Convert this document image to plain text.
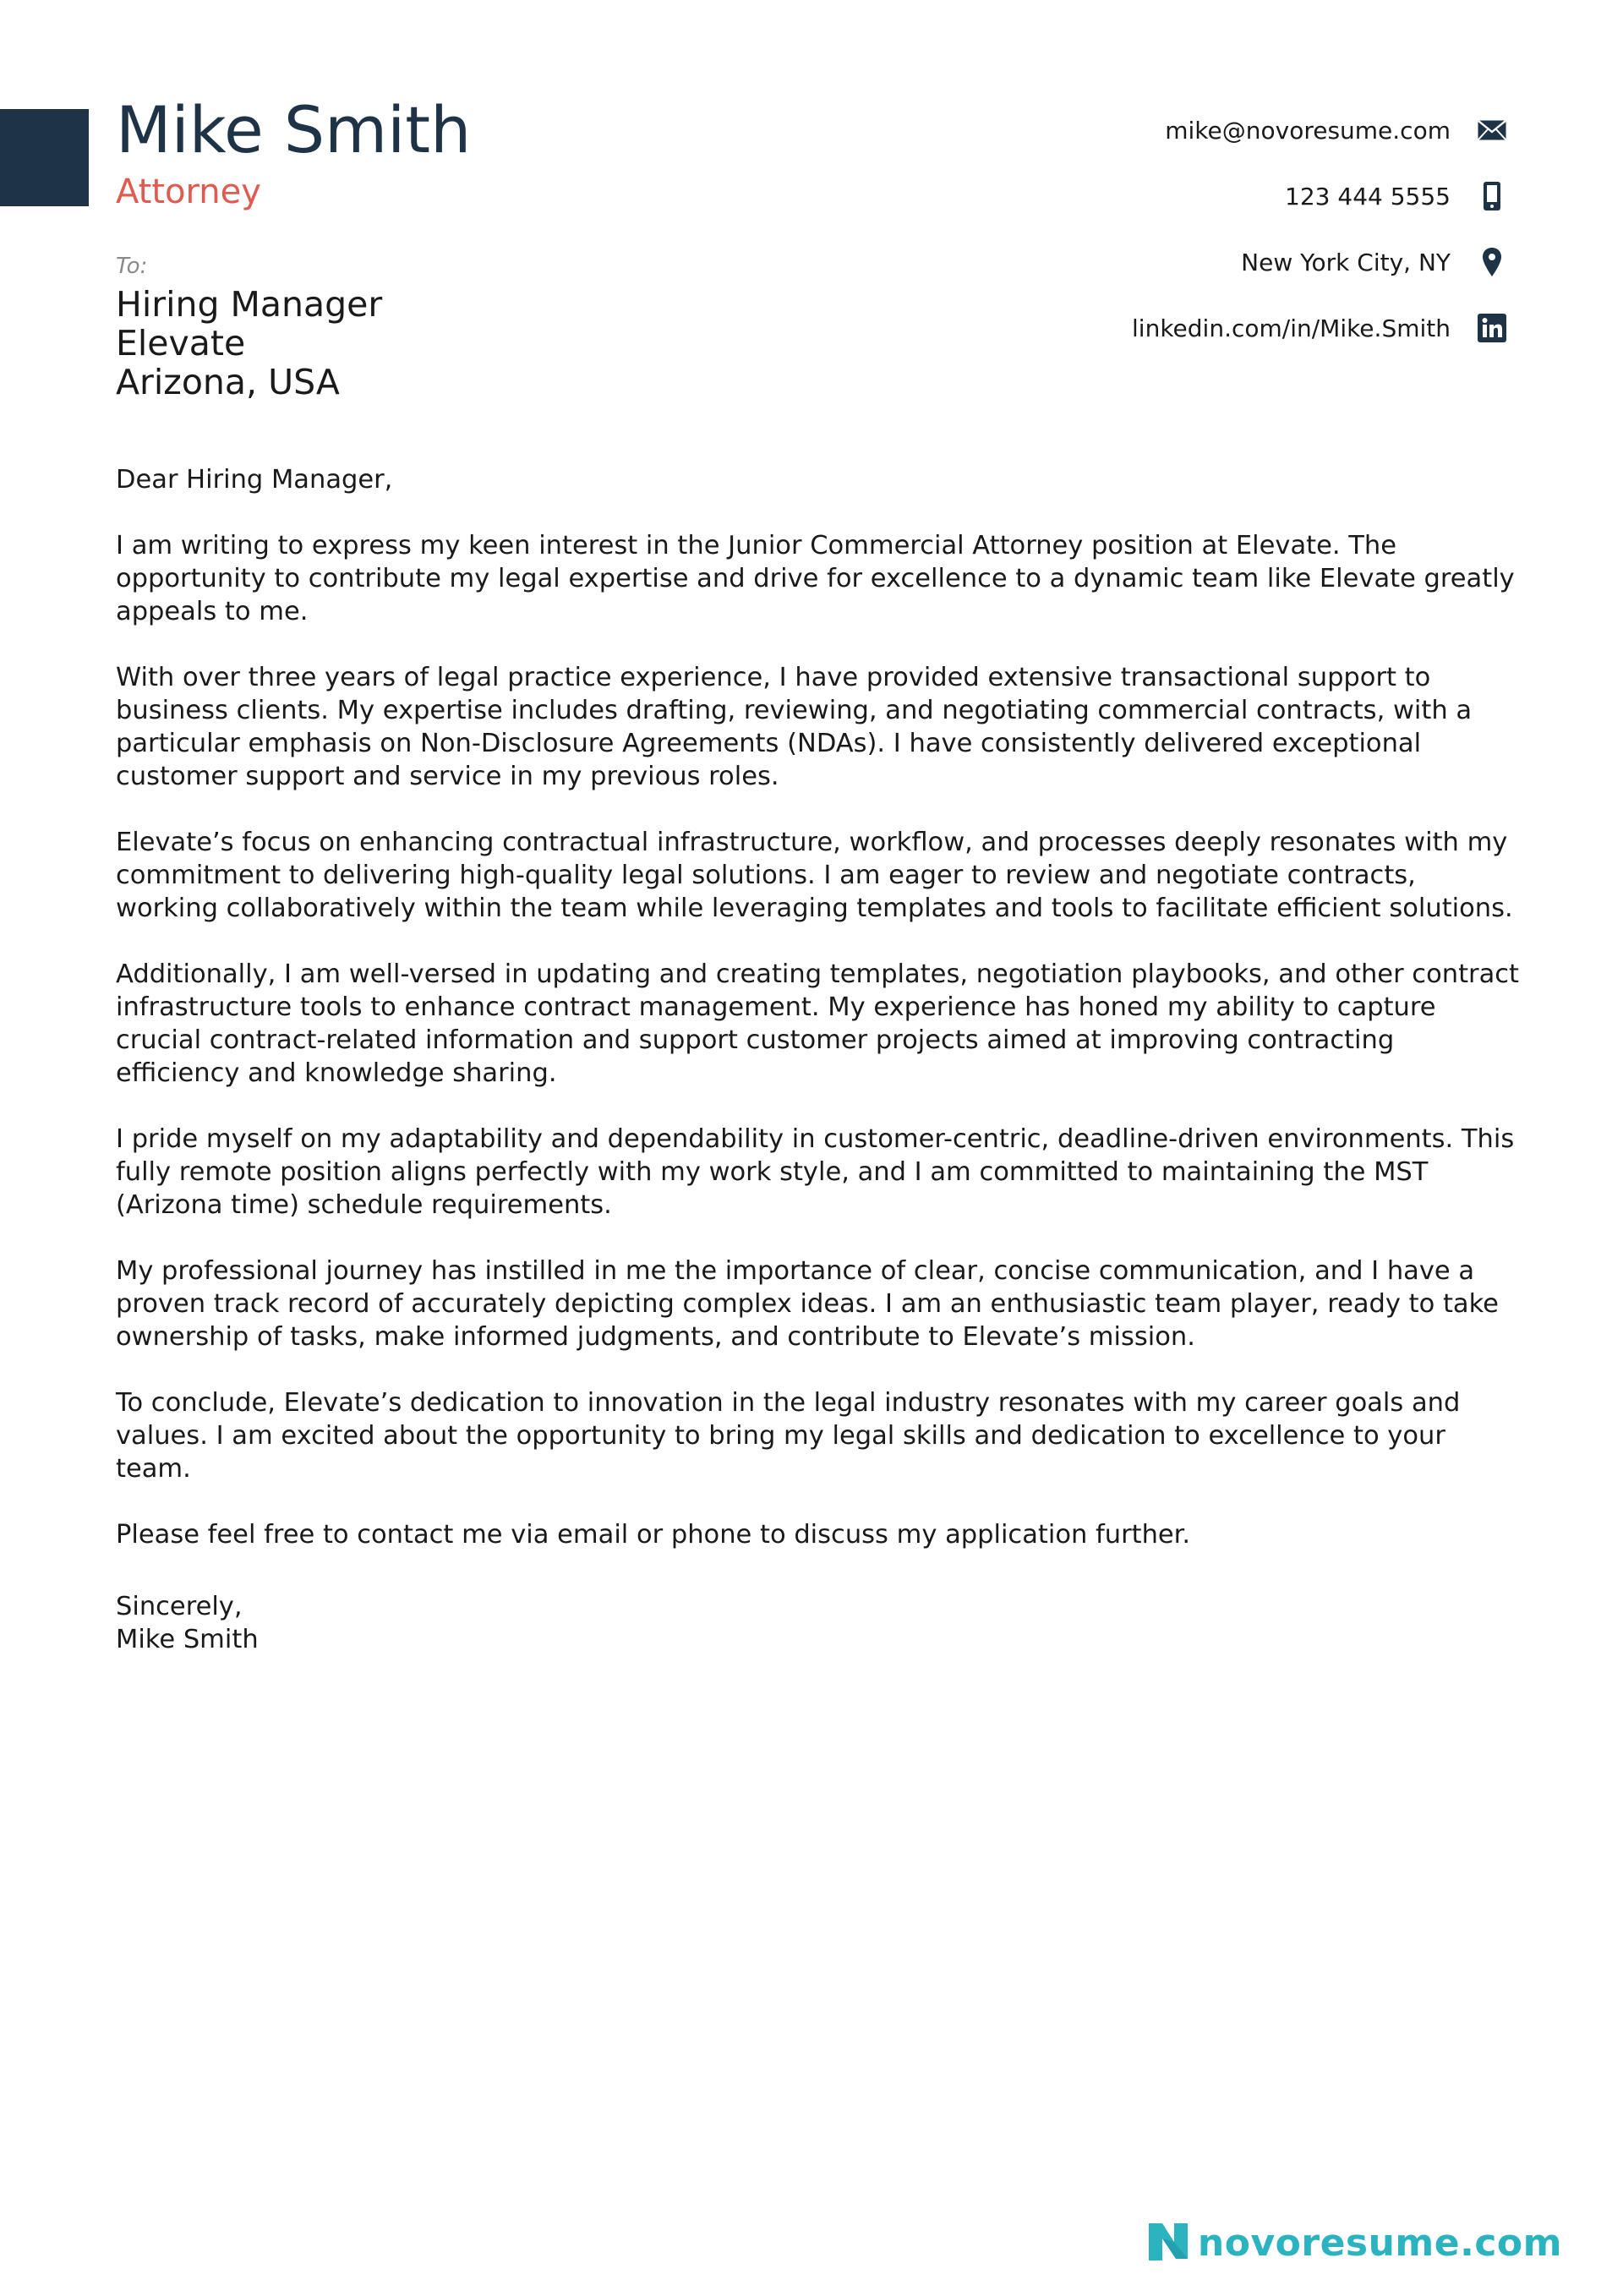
Mike Smith
Attorney
mike@novoresume.com
123 444 5555
New York City, NY
linkedin.com/in/Mike.Smith
To:
Hiring Manager
Elevate
Arizona, USA

Dear Hiring Manager,

I am writing to express my keen interest in the Junior Commercial Attorney position at Elevate. The opportunity to contribute my legal expertise and drive for excellence to a dynamic team like Elevate greatly appeals to me.

With over three years of legal practice experience, I have provided extensive transactional support to business clients. My expertise includes drafting, reviewing, and negotiating commercial contracts, with a particular emphasis on Non-Disclosure Agreements (NDAs). I have consistently delivered exceptional customer support and service in my previous roles.

Elevate’s focus on enhancing contractual infrastructure, workflow, and processes deeply resonates with my commitment to delivering high-quality legal solutions. I am eager to review and negotiate contracts, working collaboratively within the team while leveraging templates and tools to facilitate efficient solutions.

Additionally, I am well-versed in updating and creating templates, negotiation playbooks, and other contract infrastructure tools to enhance contract management. My experience has honed my ability to capture crucial contract-related information and support customer projects aimed at improving contracting efficiency and knowledge sharing.

I pride myself on my adaptability and dependability in customer-centric, deadline-driven environments. This fully remote position aligns perfectly with my work style, and I am committed to maintaining the MST (Arizona time) schedule requirements.

My professional journey has instilled in me the importance of clear, concise communication, and I have a proven track record of accurately depicting complex ideas. I am an enthusiastic team player, ready to take ownership of tasks, make informed judgments, and contribute to Elevate’s mission.

To conclude, Elevate’s dedication to innovation in the legal industry resonates with my career goals and values. I am excited about the opportunity to bring my legal skills and dedication to excellence to your team.

Please feel free to contact me via email or phone to discuss my application further.

Sincerely,
Mike Smith
novoresume.com
